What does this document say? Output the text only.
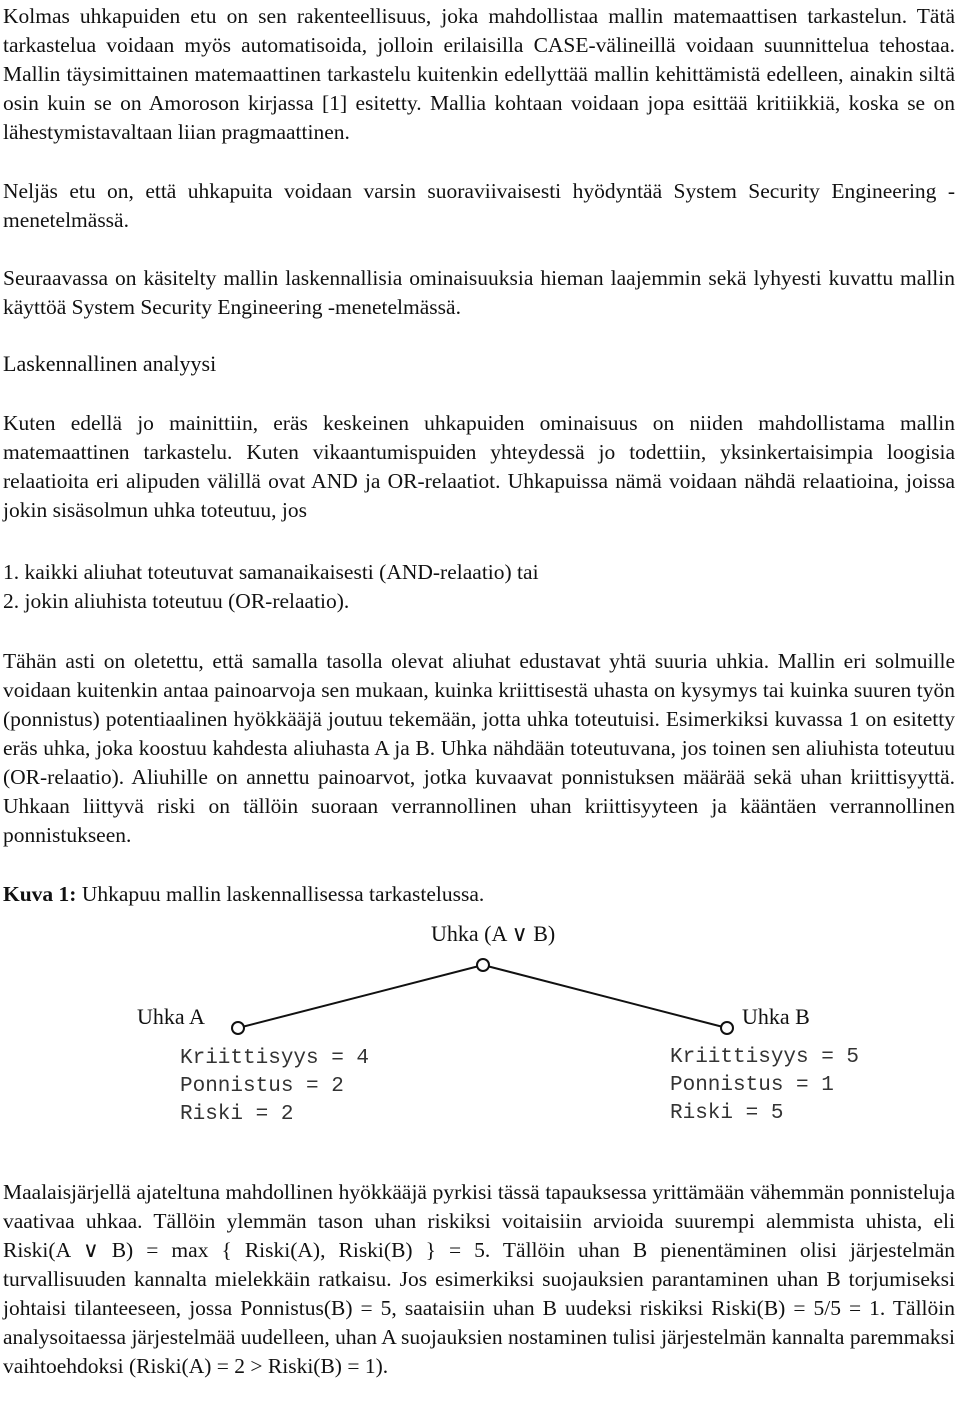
Kolmas uhkapuiden etu on sen rakenteellisuus, joka mahdollistaa mallin matemaattisen tarkastelun. Tätä tarkastelua voidaan myös automatisoida, jolloin erilaisilla CASE-välineillä voidaan suunnittelua tehostaa. Mallin täysimittainen matemaattinen tarkastelu kuitenkin edellyttää mallin kehittämistä edelleen, ainakin siltä osin kuin se on Amoroson kirjassa [1] esitetty. Mallia kohtaan voidaan jopa esittää kritiikkiä, koska se on lähestymistavaltaan liian pragmaattinen.

Neljäs etu on, että uhkapuita voidaan varsin suoraviivaisesti hyödyntää System Security Engineering -menetelmässä.

Seuraavassa on käsitelty mallin laskennallisia ominaisuuksia hieman laajemmin sekä lyhyesti kuvattu mallin käyttöä System Security Engineering -menetelmässä.

Laskennallinen analyysi

Kuten edellä jo mainittiin, eräs keskeinen uhkapuiden ominaisuus on niiden mahdollistama mallin matemaattinen tarkastelu. Kuten vikaantumispuiden yhteydessä jo todettiin, yksinkertaisimpia loogisia relaatioita eri alipuden välillä ovat AND ja OR-relaatiot. Uhkapuissa nämä voidaan nähdä relaatioina, joissa jokin sisäsolmun uhka toteutuu, jos

1. kaikki aliuhat toteutuvat samanaikaisesti (AND-relaatio) tai
2. jokin aliuhista toteutuu (OR-relaatio).

Tähän asti on oletettu, että samalla tasolla olevat aliuhat edustavat yhtä suuria uhkia. Mallin eri solmuille voidaan kuitenkin antaa painoarvoja sen mukaan, kuinka kriittisestä uhasta on kysymys tai kuinka suuren työn (ponnistus) potentiaalinen hyökkääjä joutuu tekemään, jotta uhka toteutuisi. Esimerkiksi kuvassa 1 on esitetty eräs uhka, joka koostuu kahdesta aliuhasta A ja B. Uhka nähdään toteutuvana, jos toinen sen aliuhista toteutuu (OR-relaatio). Aliuhille on annettu painoarvot, jotka kuvaavat ponnistuksen määrää sekä uhan kriittisyyttä. Uhkaan liittyvä riski on tällöin suoraan verrannollinen uhan kriittisyyteen ja kääntäen verrannollinen ponnistukseen.

Kuva 1: Uhkapuu mallin laskennallisessa tarkastelussa.
Uhka (A ∨ B)
Uhka A	Uhka B
Kriittisyys = 4
Ponnistus = 2
Riski = 2
Kriittisyys = 5
Ponnistus = 1
Riski = 5

Maalaisjärjellä ajateltuna mahdollinen hyökkääjä pyrkisi tässä tapauksessa yrittämään vähemmän ponnisteluja vaativaa uhkaa. Tällöin ylemmän tason uhan riskiksi voitaisiin arvioida suurempi alemmista uhista, eli Riski(A ∨ B) = max { Riski(A), Riski(B) } = 5. Tällöin uhan B pienentäminen olisi järjestelmän turvallisuuden kannalta mielekkäin ratkaisu. Jos esimerkiksi suojauksien parantaminen uhan B torjumiseksi johtaisi tilanteeseen, jossa Ponnistus(B) = 5, saataisiin uhan B uudeksi riskiksi Riski(B) = 5/5 = 1. Tällöin analysoitaessa järjestelmää uudelleen, uhan A suojauksien nostaminen tulisi järjestelmän kannalta paremmaksi vaihtoehdoksi (Riski(A) = 2 > Riski(B) = 1).
